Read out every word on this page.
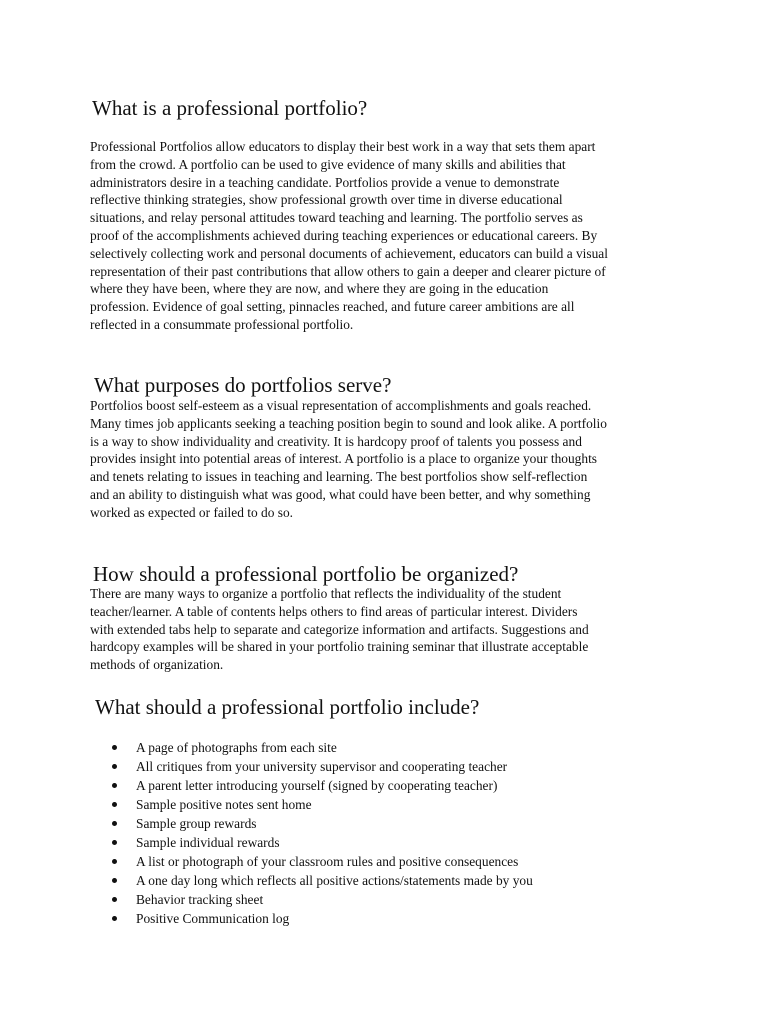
What is a professional portfolio?

Professional Portfolios allow educators to display their best work in a way that sets them apart
from the crowd. A portfolio can be used to give evidence of many skills and abilities that
administrators desire in a teaching candidate. Portfolios provide a venue to demonstrate
reflective thinking strategies, show professional growth over time in diverse educational
situations, and relay personal attitudes toward teaching and learning. The portfolio serves as
proof of the accomplishments achieved during teaching experiences or educational careers. By
selectively collecting work and personal documents of achievement, educators can build a visual
representation of their past contributions that allow others to gain a deeper and clearer picture of
where they have been, where they are now, and where they are going in the education
profession. Evidence of goal setting, pinnacles reached, and future career ambitions are all
reflected in a consummate professional portfolio.

What purposes do portfolios serve?

Portfolios boost self-esteem as a visual representation of accomplishments and goals reached.
Many times job applicants seeking a teaching position begin to sound and look alike. A portfolio
is a way to show individuality and creativity. It is hardcopy proof of talents you possess and
provides insight into potential areas of interest. A portfolio is a place to organize your thoughts
and tenets relating to issues in teaching and learning. The best portfolios show self-reflection
and an ability to distinguish what was good, what could have been better, and why something
worked as expected or failed to do so.

How should a professional portfolio be organized?

There are many ways to organize a portfolio that reflects the individuality of the student
teacher/learner. A table of contents helps others to find areas of particular interest. Dividers
with extended tabs help to separate and categorize information and artifacts. Suggestions and
hardcopy examples will be shared in your portfolio training seminar that illustrate acceptable
methods of organization.

What should a professional portfolio include?
A page of photographs from each site
All critiques from your university supervisor and cooperating teacher
A parent letter introducing yourself (signed by cooperating teacher)
Sample positive notes sent home
Sample group rewards
Sample individual rewards
A list or photograph of your classroom rules and positive consequences
A one day long which reflects all positive actions/statements made by you
Behavior tracking sheet
Positive Communication log
